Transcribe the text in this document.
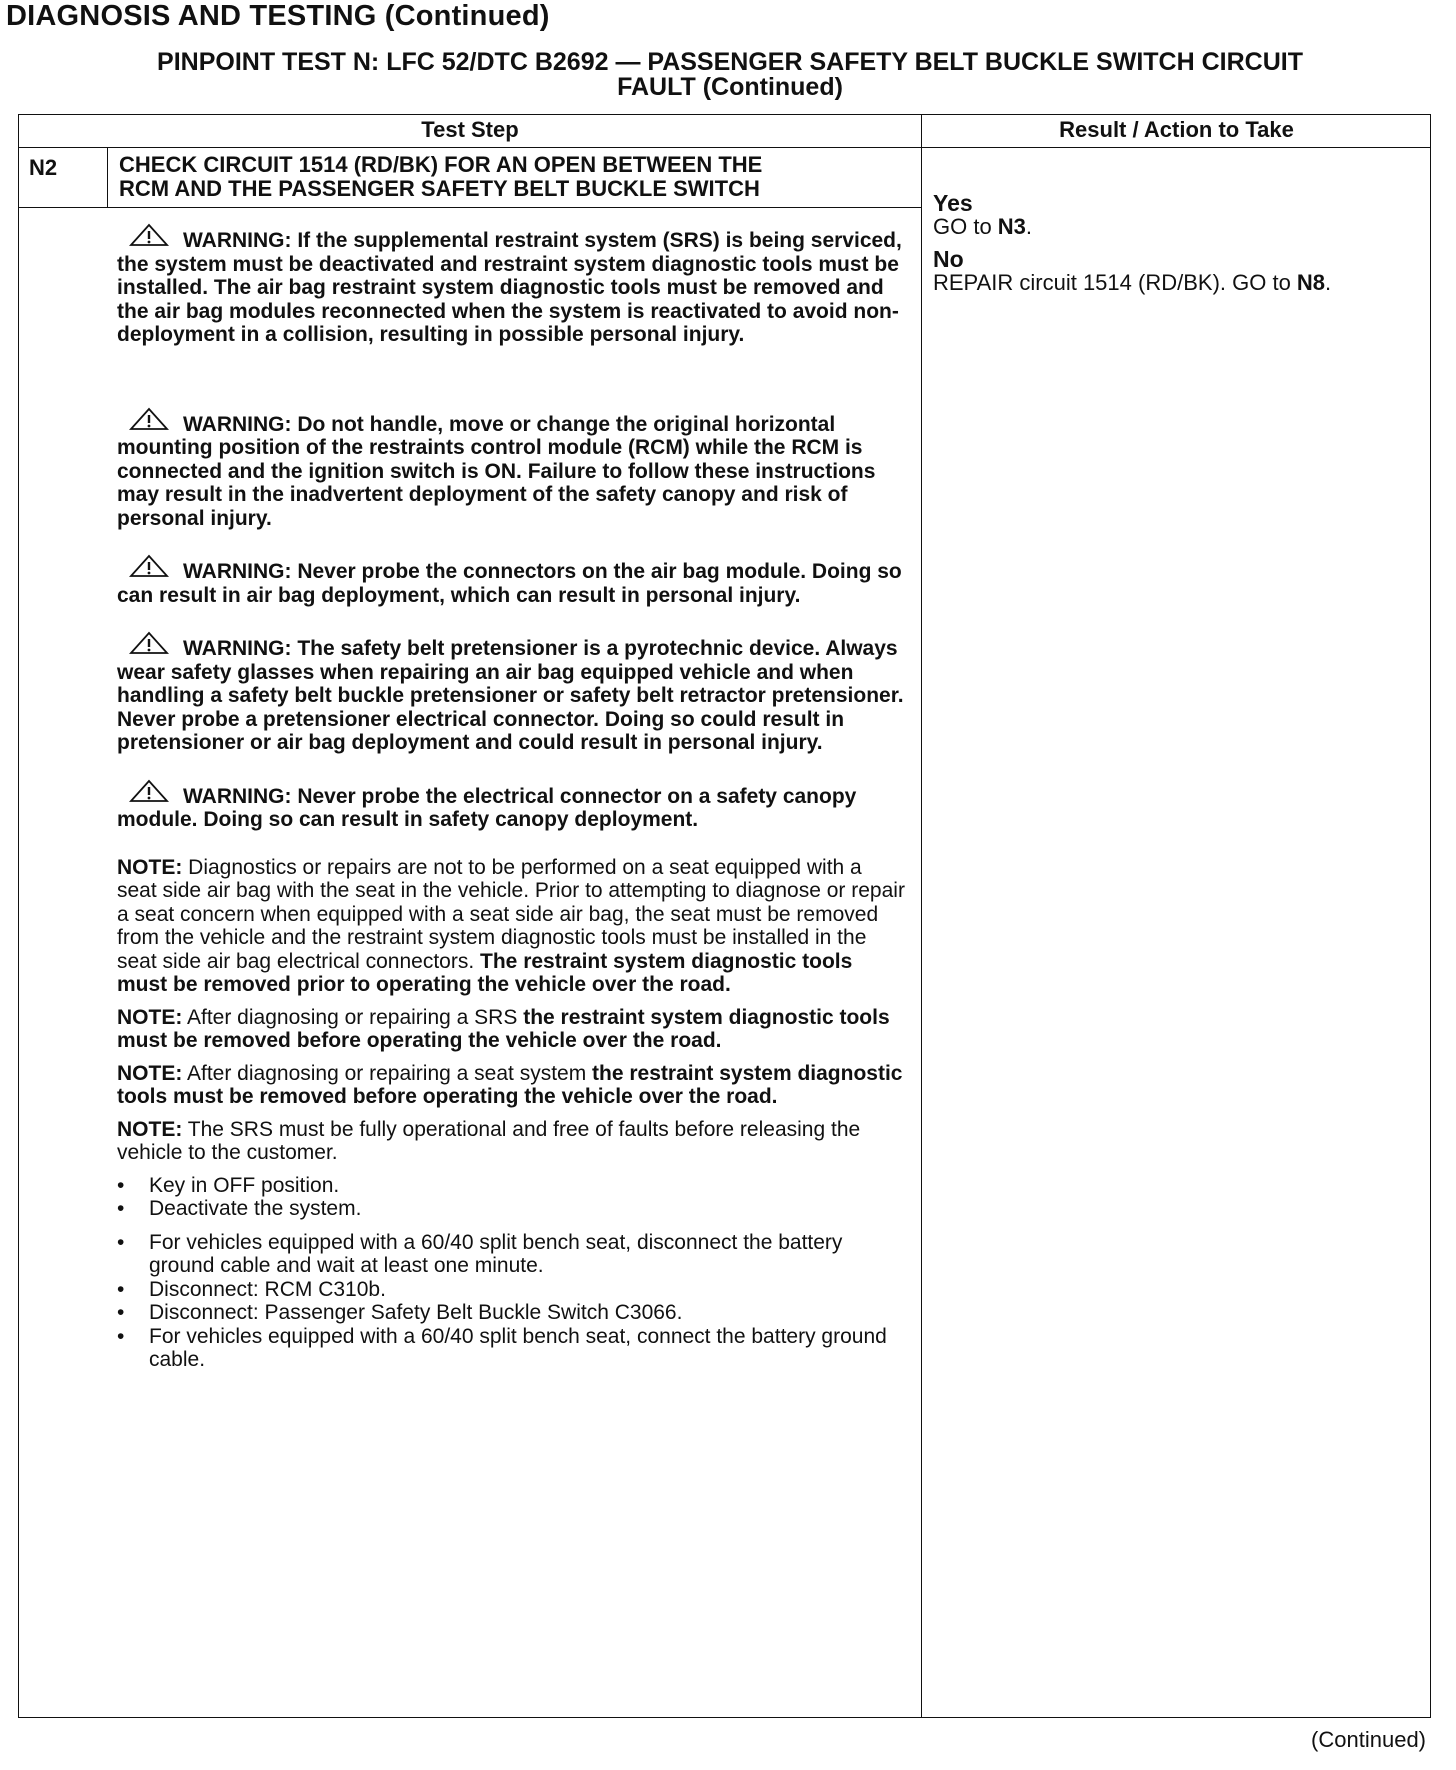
DIAGNOSIS AND TESTING (Continued)
PINPOINT TEST N: LFC 52/DTC B2692 — PASSENGER SAFETY BELT BUCKLE SWITCH CIRCUIT
FAULT (Continued)
Test Step	Result / Action to Take
N2	CHECK CIRCUIT 1514 (RD/BK) FOR AN OPEN BETWEEN THE
RCM AND THE PASSENGER SAFETY BELT BUCKLE SWITCH
WARNING: If the supplemental restraint system (SRS) is being serviced, the system must be deactivated and restraint system diagnostic tools must be installed. The air bag restraint system diagnostic tools must be removed and the air bag modules reconnected when the system is reactivated to avoid non-deployment in a collision, resulting in possible personal injury.
WARNING: Do not handle, move or change the original horizontal mounting position of the restraints control module (RCM) while the RCM is connected and the ignition switch is ON. Failure to follow these instructions may result in the inadvertent deployment of the safety canopy and risk of personal injury.
WARNING: Never probe the connectors on the air bag module. Doing so can result in air bag deployment, which can result in personal injury.
WARNING: The safety belt pretensioner is a pyrotechnic device. Always wear safety glasses when repairing an air bag equipped vehicle and when handling a safety belt buckle pretensioner or safety belt retractor pretensioner. Never probe a pretensioner electrical connector. Doing so could result in pretensioner or air bag deployment and could result in personal injury.
WARNING: Never probe the electrical connector on a safety canopy module. Doing so can result in safety canopy deployment.
NOTE: Diagnostics or repairs are not to be performed on a seat equipped with a seat side air bag with the seat in the vehicle. Prior to attempting to diagnose or repair a seat concern when equipped with a seat side air bag, the seat must be removed from the vehicle and the restraint system diagnostic tools must be installed in the seat side air bag electrical connectors. The restraint system diagnostic tools must be removed prior to operating the vehicle over the road.
NOTE: After diagnosing or repairing a SRS the restraint system diagnostic tools must be removed before operating the vehicle over the road.
NOTE: After diagnosing or repairing a seat system the restraint system diagnostic tools must be removed before operating the vehicle over the road.
NOTE: The SRS must be fully operational and free of faults before releasing the vehicle to the customer.
• Key in OFF position.
• Deactivate the system.
• For vehicles equipped with a 60/40 split bench seat, disconnect the battery ground cable and wait at least one minute.
• Disconnect: RCM C310b.
• Disconnect: Passenger Safety Belt Buckle Switch C3066.
• For vehicles equipped with a 60/40 split bench seat, connect the battery ground cable.
Yes
GO to N3.
No
REPAIR circuit 1514 (RD/BK). GO to N8.
(Continued)
